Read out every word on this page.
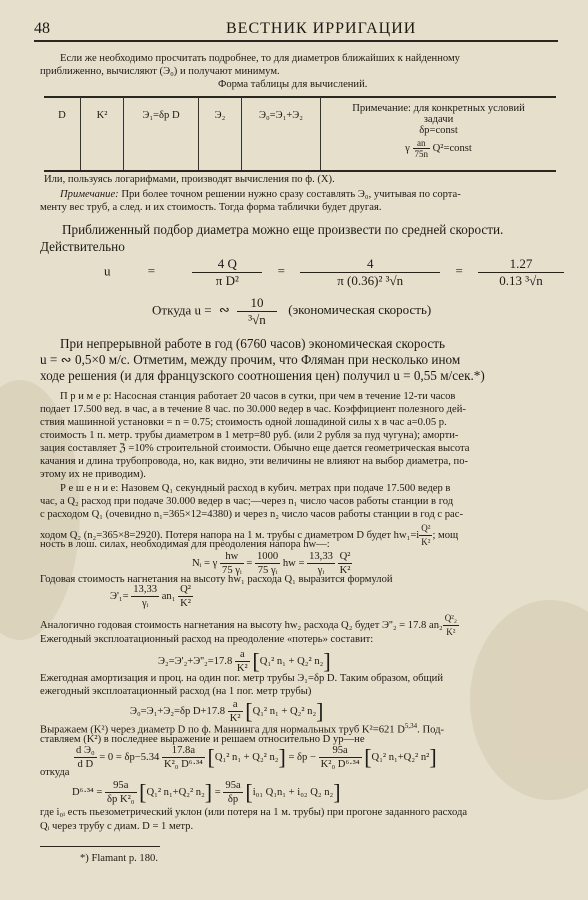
48	ВЕСТНИК ИРРИГАЦИИ
Если же необходимо просчитать подробнее, то для диаметров ближайших к найденному
приближенно, вычисляют (Э₀) и получают минимум.
Форма таблицы для вычислений.
D	K²	Э₁=δp D	Э₂	Э₀=Э₁+Э₂	
Примечание: для конкретных условий
задачи
δp=const
γ $\frac{an}{75n}$ Q²=const
Или, пользуясь логарифмами, производят вычисления по ф. (X).
Примечание: При более точном решении нужно сразу составлять Э₀, учитывая по сорта-
менту вес труб, а след. и их стоимость. Тогда форма таблички будет другая.
Приближенный подбор диаметра можно еще произвести по средней скорости.
Действительно
u	=	$\frac{4 Q}{\text{π D²}} = \frac{4}{\text{π (0.36)² ³√n}} = \frac{1.27}{\text{0.13 ³√n}}$
Откуда u = ∾ $\frac{10}{\text{³√n}}$ (экономическая скорость)
При непрерывной работе в год (6760 часов) экономическая скорость
u = ∾ 0,5×0 м/с. Отметим, между прочим, что Фляман при несколько ином
ходе решения (и для французского соотношения цен) получил u = 0,55 м/сек.*)
П р и м е р: Насосная станция работает 20 часов в сутки, при чем в течение 12-ти часов
подает 17.500 вед. в час, а в течение 8 час. по 30.000 ведер в час. Коэффициент полезного дей-
ствия машинной установки = n = 0.75; стоимость одной лошадиной силы х в час а=0.05 р.
стоимость 1 п. метр. трубы диаметром в 1 метр=80 руб. (или 2 рубля за пуд чугуна); аморти-
зация составляет ℨ =10% строительной стоимости. Обычно еще дается геометрическая высота
качания и длина трубопровода, но, как видно, эти величины не влияют на выбор диаметра, по-
этому их не приводим).
Р е ш е н и е: Назовем Q₁ секундный расход в кубич. метрах при подаче 17.500 ведер в
час, а Q₂ расход при подаче 30.000 ведер в час;—через n₁ число часов работы станции в год
с расходом Q₁ (очевидно n₁=365×12=4380) и через n₂ число часов работы станции в год с рас-
ходом Q₂ (n₂=365×8=2920). Потеря напора на 1 м. трубы с диаметром D будет $hw_1=i \frac{\text{Q²}}{\text{K²}}$ ; мощ
ность в лош. силах, необходимая для преодоления напора hw—:
Nᵢ = γ $\frac{hw}{\text{75 γᵢ}} = \frac{1000}{\text{75 γᵢ}}$ hw = $\frac{13,33}{\text{γᵢ}}$
$\frac{\text{Q²}}{\text{K²}}$
Годовая стоимость нагнетания на высоту hw₁ расхода Q₁ выразится формулой
$Э'_1= \frac{13,33}{\text{γᵢ}} an_1 \frac{\text{Q²}}{\text{K²}}$
Аналогично годовая стоимость нагнетания на высоту hw₂ расхода Q₂ будет Э''₂ = 17.8 $an_2 \frac{\text{Q²₂}}{\text{K²}}$
Ежегодный эксплоатационный расход на преодоление «потерь» составит:
$Э_2=Э'_2+Э''_2=17.8 \frac{a}{\text{K²}} [Q_1^2$ n₁ + Q₂² n₂]
Ежегодная амортизация и проц. на один пог. метр трубы Э₁=δp D. Таким образом, общий
ежегодный эксплоатационный расход (на 1 пог. метр трубы)
Э₀=Э₁+Э₂=δp $D+17.8 \frac{a}{\text{K²}} [Q_1^2$ n₁ + Q₂² n₂]
Выражаем (K²) через диаметр D по ф. Маннинга для нормальных труб K²=621 D$^{5,34}$. Под-
ставляем (K²) в последнее выражение и решаем относительно D ур—не
$\frac{\text{d Э₀}}{\text{d D}} = 0 = \delta p-5.34 \frac{17.8a}{\text{K²₀ D⁶·³⁴}} [Q_1^2$ n₁ + Q₂² $n_2] = \delta p - \frac{95a}{\text{K²₀ D⁶·³⁴}} [Q_1^2$ n₁+Q₂² n²]
откуда
$D^6\cdot^{34} = \frac{95a}{\text{δp K²₀}} [Q_1^2$ n₁+Q₂² $n_2] = \frac{95a}{\delta p} [i_{01}$ Q₁n₁ + i₀₂ Q₂ n₂]
где i₀ᵢ есть пьезометрический уклон (или потеря на 1 м. трубы) при прогоне заданного расхода
Qᵢ через трубу с диам. D = 1 метр.
*) Flamant p. 180.
